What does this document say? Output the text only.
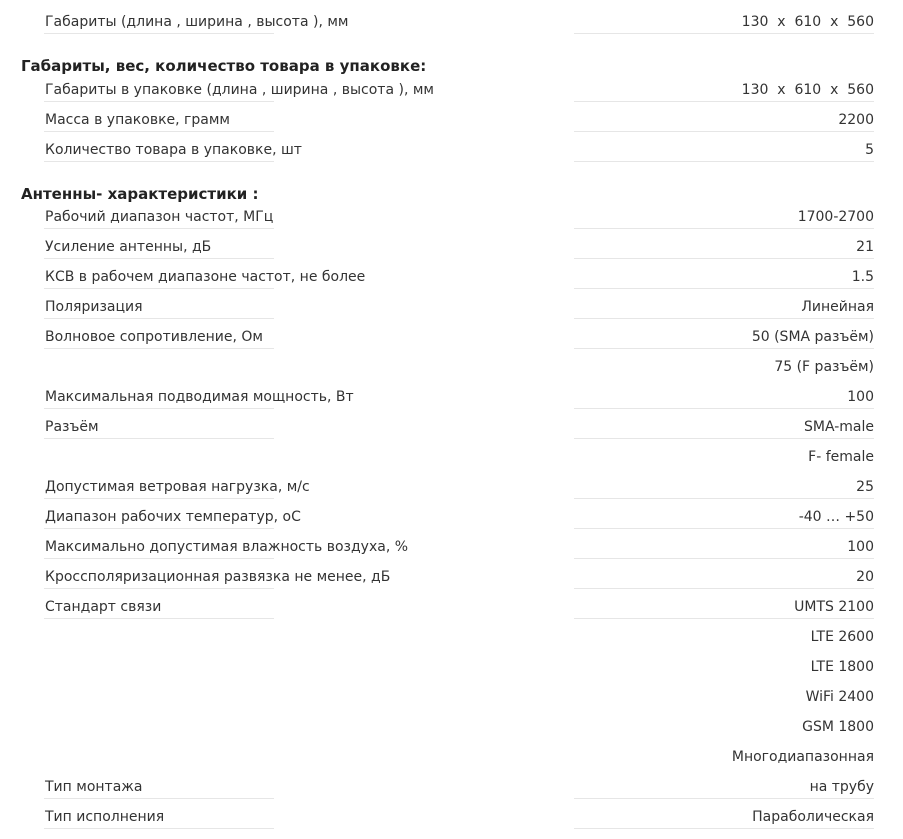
Габариты (длина , ширина , высота ), мм	130  x  610  x  560
Габариты, вес, количество товара в упаковке:
Габариты в упаковке (длина , ширина , высота ), мм	130  x  610  x  560
Масса в упаковке, грамм	2200
Количество товара в упаковке, шт	5
Антенны- характеристики :
Рабочий диапазон частот, МГц	1700-2700
Усиление антенны, дБ	21
КСВ в рабочем диапазоне частот, не более	1.5
Поляризация	Линейная
Волновое сопротивление, Ом	50 (SMA разъём)
75 (F разъём)
Максимальная подводимая мощность, Вт	100
Разъём	SMA-male
F- female
Допустимая ветровая нагрузка, м/с	25
Диапазон рабочих температур, оС	-40 … +50
Максимально допустимая влажность воздуха, %	100
Кроссполяризационная развязка не менее, дБ	20
Стандарт связи	UMTS 2100
LTE 2600
LTE 1800
WiFi 2400
GSM 1800
Многодиапазонная
Тип монтажа	на трубу
Тип исполнения	Параболическая
